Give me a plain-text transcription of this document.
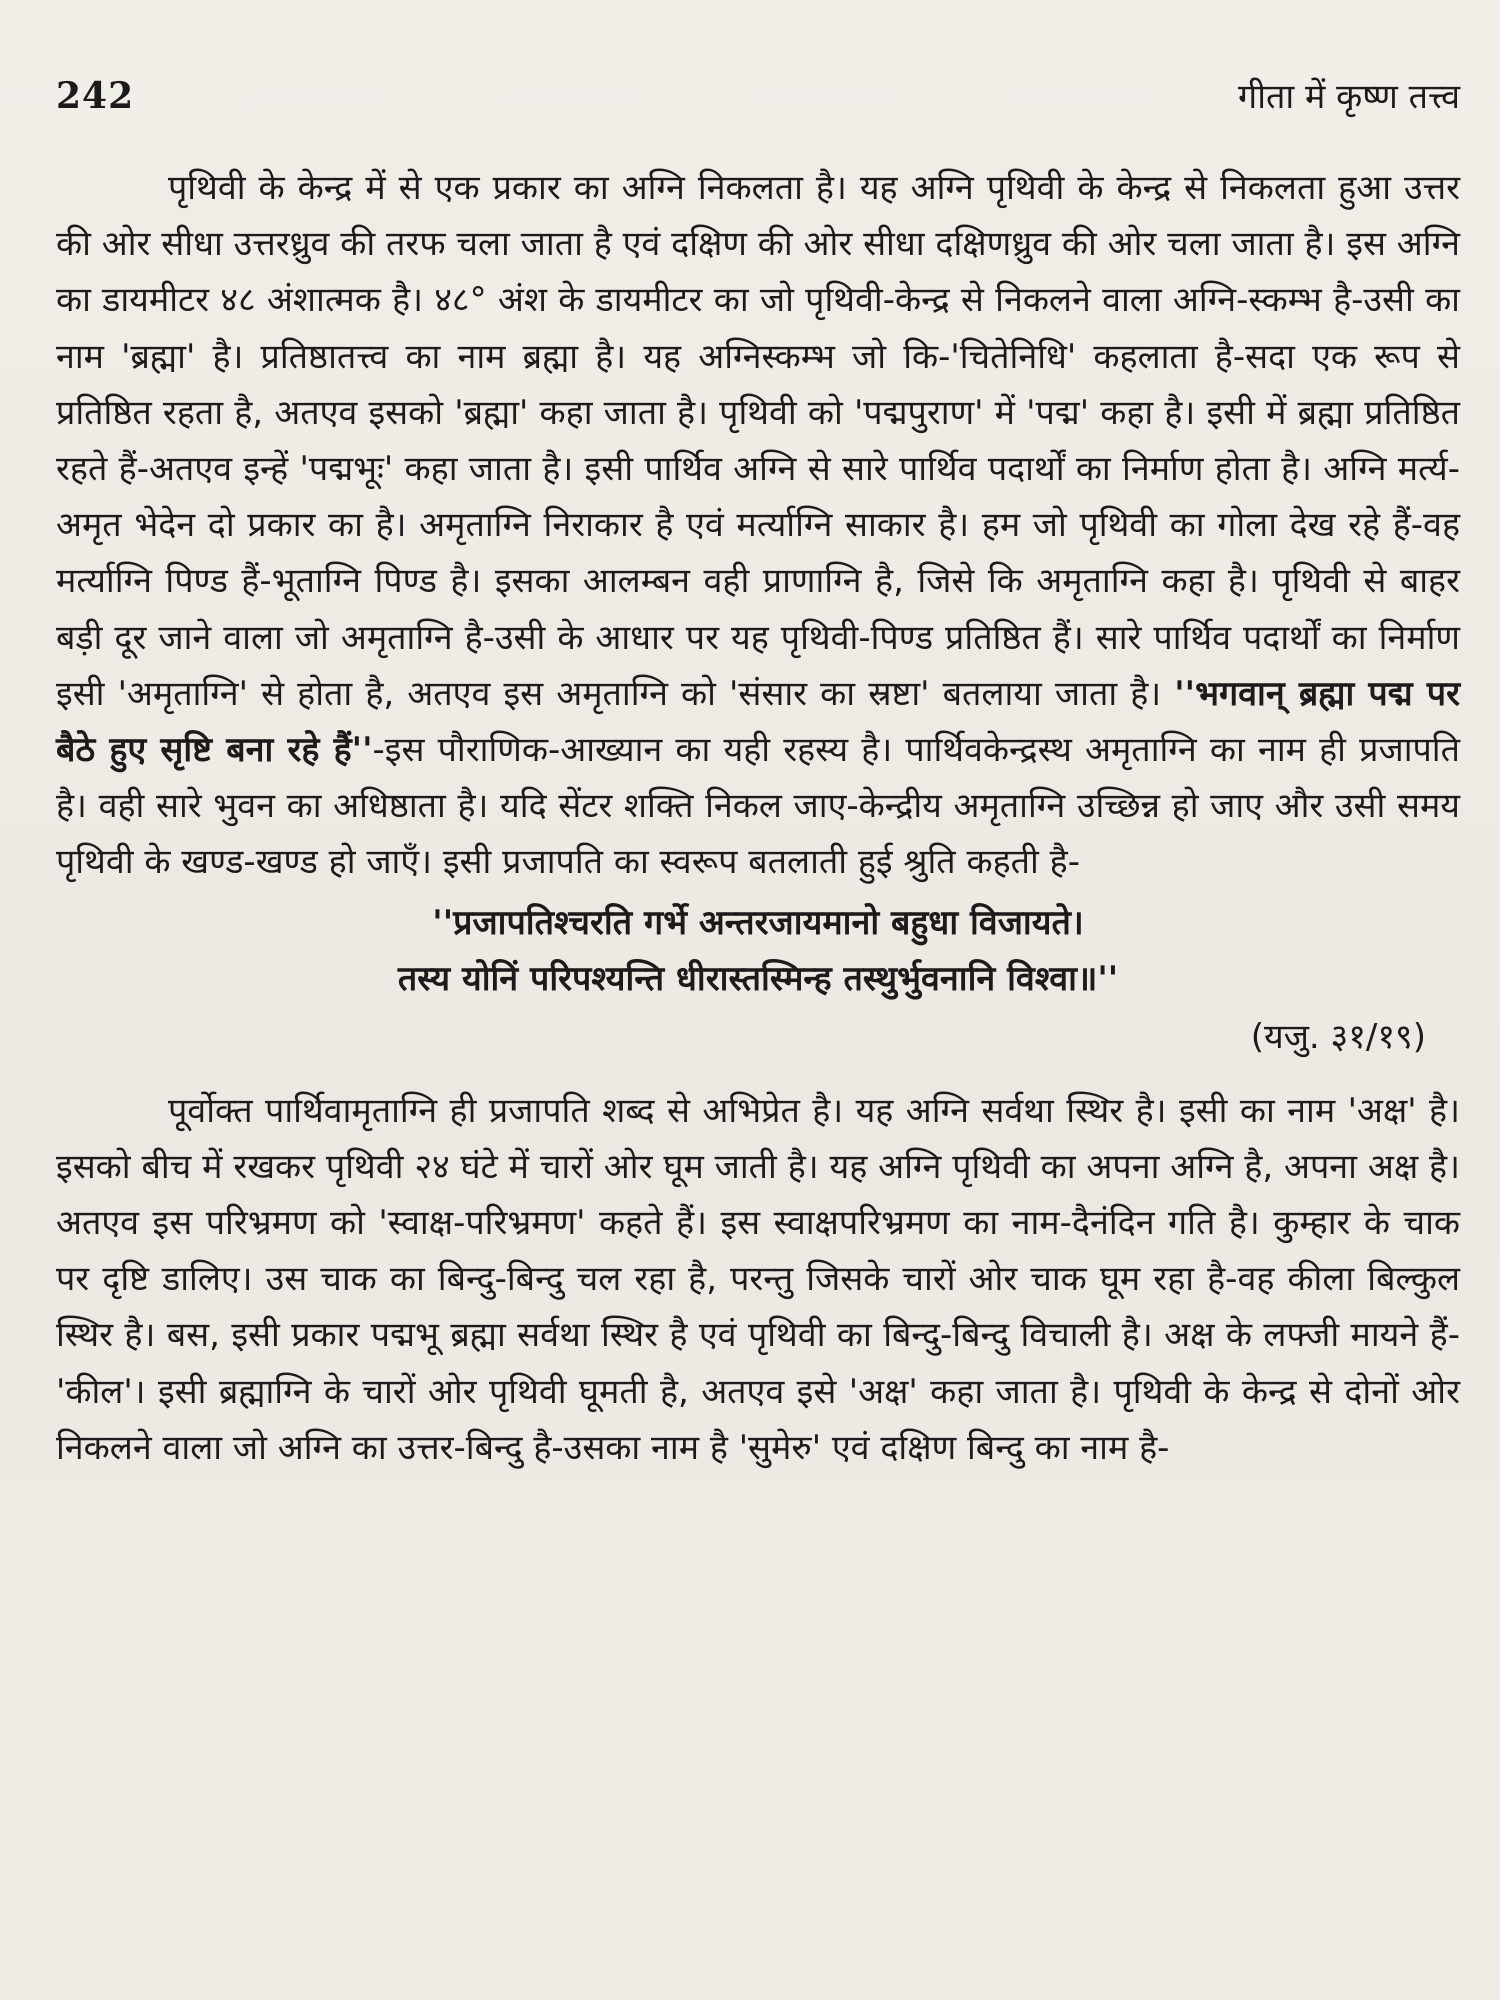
242	गीता में कृष्ण तत्त्व

पृथिवी के केन्द्र में से एक प्रकार का अग्नि निकलता है। यह अग्नि पृथिवी के केन्द्र से निकलता हुआ उत्तर की ओर सीधा उत्तरध्रुव की तरफ चला जाता है एवं दक्षिण की ओर सीधा दक्षिणध्रुव की ओर चला जाता है। इस अग्नि का डायमीटर ४८ अंशात्मक है। ४८° अंश के डायमीटर का जो पृथिवी-केन्द्र से निकलने वाला अग्नि-स्कम्भ है-उसी का नाम 'ब्रह्मा' है। प्रतिष्ठातत्त्व का नाम ब्रह्मा है। यह अग्निस्कम्भ जो कि-'चितेनिधि' कहलाता है-सदा एक रूप से प्रतिष्ठित रहता है, अतएव इसको 'ब्रह्मा' कहा जाता है। पृथिवी को 'पद्मपुराण' में 'पद्म' कहा है। इसी में ब्रह्मा प्रतिष्ठित रहते हैं-अतएव इन्हें 'पद्मभूः' कहा जाता है। इसी पार्थिव अग्नि से सारे पार्थिव पदार्थों का निर्माण होता है। अग्नि मर्त्य-अमृत भेदेन दो प्रकार का है। अमृताग्नि निराकार है एवं मर्त्याग्नि साकार है। हम जो पृथिवी का गोला देख रहे हैं-वह मर्त्याग्नि पिण्ड हैं-भूताग्नि पिण्ड है। इसका आलम्बन वही प्राणाग्नि है, जिसे कि अमृताग्नि कहा है। पृथिवी से बाहर बड़ी दूर जाने वाला जो अमृताग्नि है-उसी के आधार पर यह पृथिवी-पिण्ड प्रतिष्ठित हैं। सारे पार्थिव पदार्थों का निर्माण इसी 'अमृताग्नि' से होता है, अतएव इस अमृताग्नि को 'संसार का स्रष्टा' बतलाया जाता है। ''भगवान् ब्रह्मा पद्म पर बैठे हुए सृष्टि बना रहे हैं''-इस पौराणिक-आख्यान का यही रहस्य है। पार्थिवकेन्द्रस्थ अमृताग्नि का नाम ही प्रजापति है। वही सारे भुवन का अधिष्ठाता है। यदि सेंटर शक्ति निकल जाए-केन्द्रीय अमृताग्नि उच्छिन्न हो जाए और उसी समय पृथिवी के खण्ड-खण्ड हो जाएँ। इसी प्रजापति का स्वरूप बतलाती हुई श्रुति कहती है-

''प्रजापतिश्चरति गर्भे अन्तरजायमानो बहुधा विजायते।
तस्य योनिं परिपश्यन्ति धीरास्तस्मिन्ह तस्थुर्भुवनानि विश्वा॥''
(यजु. ३१/१९)

पूर्वोक्त पार्थिवामृताग्नि ही प्रजापति शब्द से अभिप्रेत है। यह अग्नि सर्वथा स्थिर है। इसी का नाम 'अक्ष' है। इसको बीच में रखकर पृथिवी २४ घंटे में चारों ओर घूम जाती है। यह अग्नि पृथिवी का अपना अग्नि है, अपना अक्ष है। अतएव इस परिभ्रमण को 'स्वाक्ष-परिभ्रमण' कहते हैं। इस स्वाक्षपरिभ्रमण का नाम-दैनंदिन गति है। कुम्हार के चाक पर दृष्टि डालिए। उस चाक का बिन्दु-बिन्दु चल रहा है, परन्तु जिसके चारों ओर चाक घूम रहा है-वह कीला बिल्कुल स्थिर है। बस, इसी प्रकार पद्मभू ब्रह्मा सर्वथा स्थिर है एवं पृथिवी का बिन्दु-बिन्दु विचाली है। अक्ष के लफ्जी मायने हैं-'कील'। इसी ब्रह्माग्नि के चारों ओर पृथिवी घूमती है, अतएव इसे 'अक्ष' कहा जाता है। पृथिवी के केन्द्र से दोनों ओर निकलने वाला जो अग्नि का उत्तर-बिन्दु है-उसका नाम है 'सुमेरु' एवं दक्षिण बिन्दु का नाम है-
